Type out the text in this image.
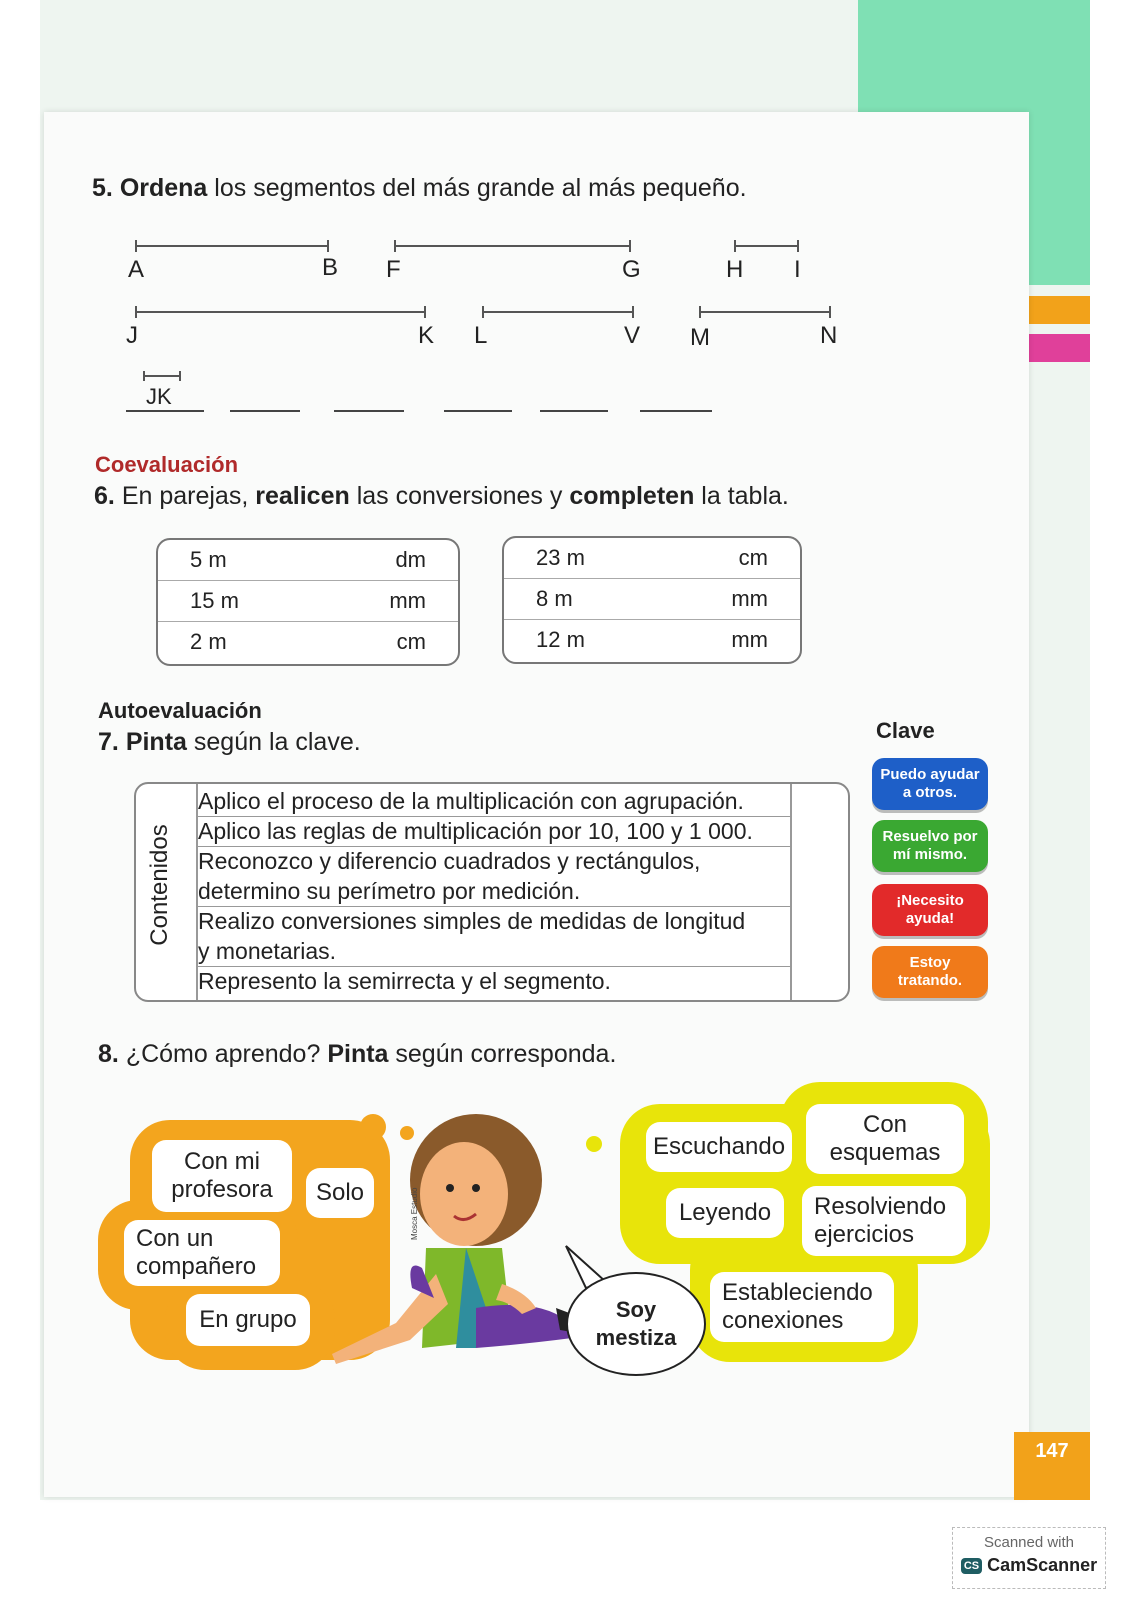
5. Ordena los segmentos del más grande al más pequeño.
A	B F	G	H I
J	K L	V M	N
JK
Coevaluación
6. En parejas, realicen las conversiones y completen la tabla.
5 m	dm
15 m	mm
2 m	cm
23 m	cm
8 m	mm
12 m	mm
Autoevaluación
7. Pinta según la clave.	Clave
Contenidos
Aplico el proceso de la multiplicación con agrupación.
Aplico las reglas de multiplicación por 10, 100 y 1 000.
Reconozco y diferencio cuadrados y rectángulos,
determino su perímetro por medición.
Realizo conversiones simples de medidas de longitud
y monetarias.
Represento la semirrecta y el segmento.
Puedo ayudar
a otros.
Resuelvo por
mí mismo.
¡Necesito
ayuda!
Estoy
tratando.
8. ¿Cómo aprendo? Pinta según corresponda.
Con mi
profesora	Solo
Con un
compañero
En grupo
Escuchando
Con
esquemas
Leyendo	Resolviendo
ejercicios
Estableciendo
conexiones
Mosca Estudio
Soy
mestiza
147
Scanned with
CS CamScanner
